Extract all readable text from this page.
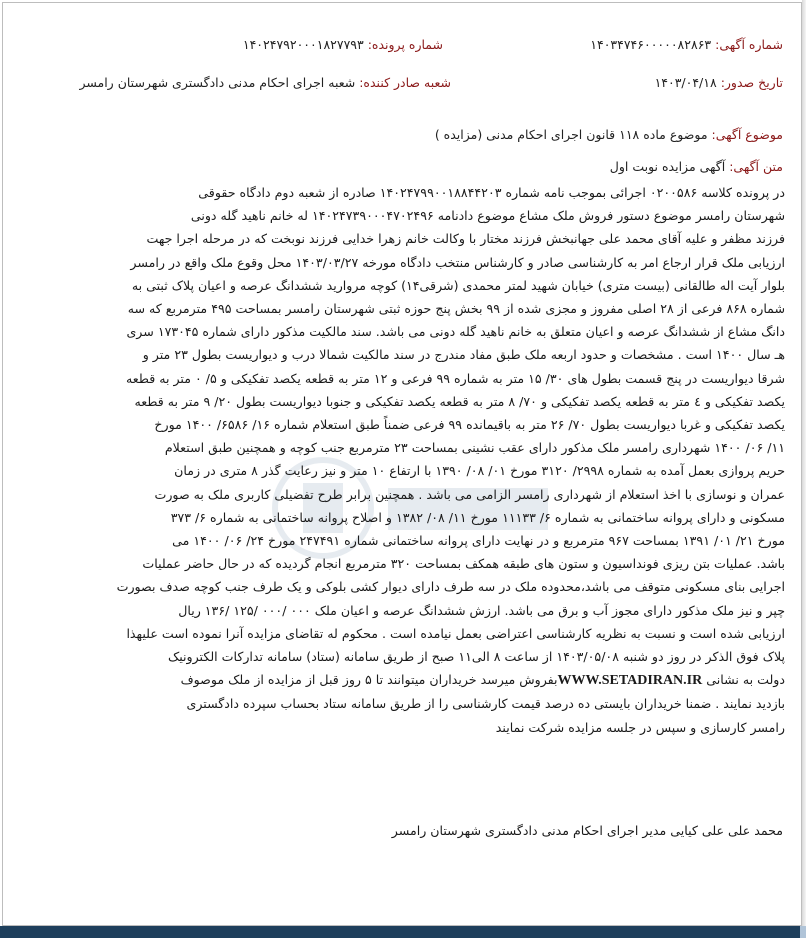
شماره آگهی: ۱۴۰۳۴۷۴۶۰۰۰۰۰۸۲۸۶۳
شماره پرونده: ۱۴۰۲۴۷۹۲۰۰۰۱۸۲۷۷۹۳
تاریخ صدور: ۱۴۰۳/۰۴/۱۸
شعبه صادر کننده: شعبه اجرای احکام مدنی دادگستری شهرستان رامسر
موضوع آگهی: موضوع ماده ۱۱۸ قانون اجرای احکام مدنی (مزایده )
متن آگهی: آگهی مزایده نوبت اول
در پرونده کلاسه ۰۲۰۰۵۸۶ اجرائی بموجب نامه شماره ۱۴۰۲۴۷۹۹۰۰۱۸۸۴۴۲۰۳ صادره از شعبه دوم دادگاه حقوقی
شهرستان رامسر موضوع دستور فروش ملک مشاع موضوع دادنامه ۱۴۰۲۴۷۳۹۰۰۰۴۷۰۲۴۹۶ له خانم ناهید گله دونی
فرزند مظفر و علیه آقای محمد علی جهانبخش فرزند مختار با وکالت خانم زهرا خدایی فرزند نوبخت که در مرحله اجرا جهت
ارزیابی ملک قرار ارجاع امر به کارشناسی صادر و کارشناس منتخب دادگاه مورخه ۱۴۰۳/۰۳/۲۷ محل وقوع ملک واقع در رامسر
بلوار آیت اله طالقانی (بیست متری) خیابان شهید لمتر محمدی (شرقی۱۴) کوچه مروارید ششدانگ عرصه و اعیان پلاک ثبتی به
شماره ۸۶۸ فرعی از ۲۸ اصلی مفروز و مجزی شده از ۹۹ بخش پنج حوزه ثبتی شهرستان رامسر بمساحت ۴۹۵ مترمربع که سه
دانگ مشاع از ششدانگ عرصه و اعیان متعلق به خانم ناهید گله دونی می باشد. سند مالکیت مذکور دارای شماره ۱۷۳۰۴۵ سری
هـ سال ۱۴۰۰ است . مشخصات و حدود اربعه ملک طبق مفاد مندرج در سند مالکیت شمالا درب و دیواریست بطول ۲۳ متر و
شرقا دیواریست در پنج قسمت بطول های ۳۰/ ۱۵ متر به شماره ۹۹ فرعی و ۱۲ متر به قطعه یکصد تفکیکی و ۵/ ۰ متر به قطعه
یکصد تفکیکی و ٤ متر به قطعه یکصد تفکیکی و ۷۰/ ۸ متر به قطعه یکصد تفکیکی و جنوبا دیواریست بطول ۲۰/ ۹ متر به قطعه
یکصد تفکیکی و غربا دیواریست بطول ۷۰/ ۲۶ متر به باقیمانده ۹۹ فرعی ضمناً طبق استعلام شماره ۱۶/ ۶۵۸۶/ ۱۴۰۰ مورخ
۱۱/ ۰۶/ ۱۴۰۰ شهرداری رامسر ملک مذکور دارای عقب نشینی بمساحت ۲۳ مترمربع جنب کوچه و همچنین طبق استعلام
حریم پروازی بعمل آمده به شماره ۲۹۹۸/ ۳۱۲۰ مورخ ۰۱/ ۰۸/ ۱۳۹۰ با ارتفاع ۱۰ متر و نیز رعایت گذر ۸ متری در زمان
عمران و نوسازی با اخذ استعلام از شهرداری رامسر الزامی می باشد . همچنین برابر طرح تفضیلی کاربری ملک به صورت
مسکونی و دارای پروانه ساختمانی به شماره ۶/ ۱۱۱۳۳ مورخ ۱۱/ ۰۸/ ۱۳۸۲ و اصلاح پروانه ساختمانی به شماره ۶/ ۳۷۳
مورخ ۲۱/ ۰۱/ ۱۳۹۱ بمساحت ۹۶۷ مترمربع و در نهایت دارای پروانه ساختمانی شماره ۲۴۷۴۹۱ مورخ ۲۴/ ۰۶/ ۱۴۰۰ می
باشد. عملیات بتن ریزی فونداسیون و ستون های طبقه همکف بمساحت ۳۲۰ مترمربع انجام گردیده که در حال حاضر عملیات
اجرایی بنای مسکونی متوقف می باشد،محدوده ملک در سه طرف دارای دیوار کشی بلوکی و یک طرف جنب کوچه صدف بصورت
چپر و نیز ملک مذکور دارای مجوز آب و برق می باشد. ارزش ششدانگ عرصه و اعیان ملک ۰۰۰ /۰۰۰ /۱۲۵ /۱۳۶ ریال
ارزیابی شده است و نسبت به نظریه کارشناسی اعتراضی بعمل نیامده است . محکوم له تقاضای مزایده آنرا نموده است علیهذا
پلاک فوق الذکر در روز دو شنبه ۱۴۰۳/۰۵/۰۸ از ساعت ۸ الی۱۱ صبح از طریق سامانه (ستاد) سامانه تدارکات الکترونیک
دولت به نشانی WWW.SETADIRAN.IRبفروش میرسد خریداران میتوانند تا ۵ روز قبل از مزایده از ملک موصوف
بازدید نمایند . ضمنا خریداران بایستی ده درصد قیمت کارشناسی را از طریق سامانه ستاد بحساب سپرده دادگستری
رامسر کارسازی و سپس در جلسه مزایده شرکت نمایند
محمد علی علی کیایی مدیر اجرای احکام مدنی دادگستری شهرستان رامسر
